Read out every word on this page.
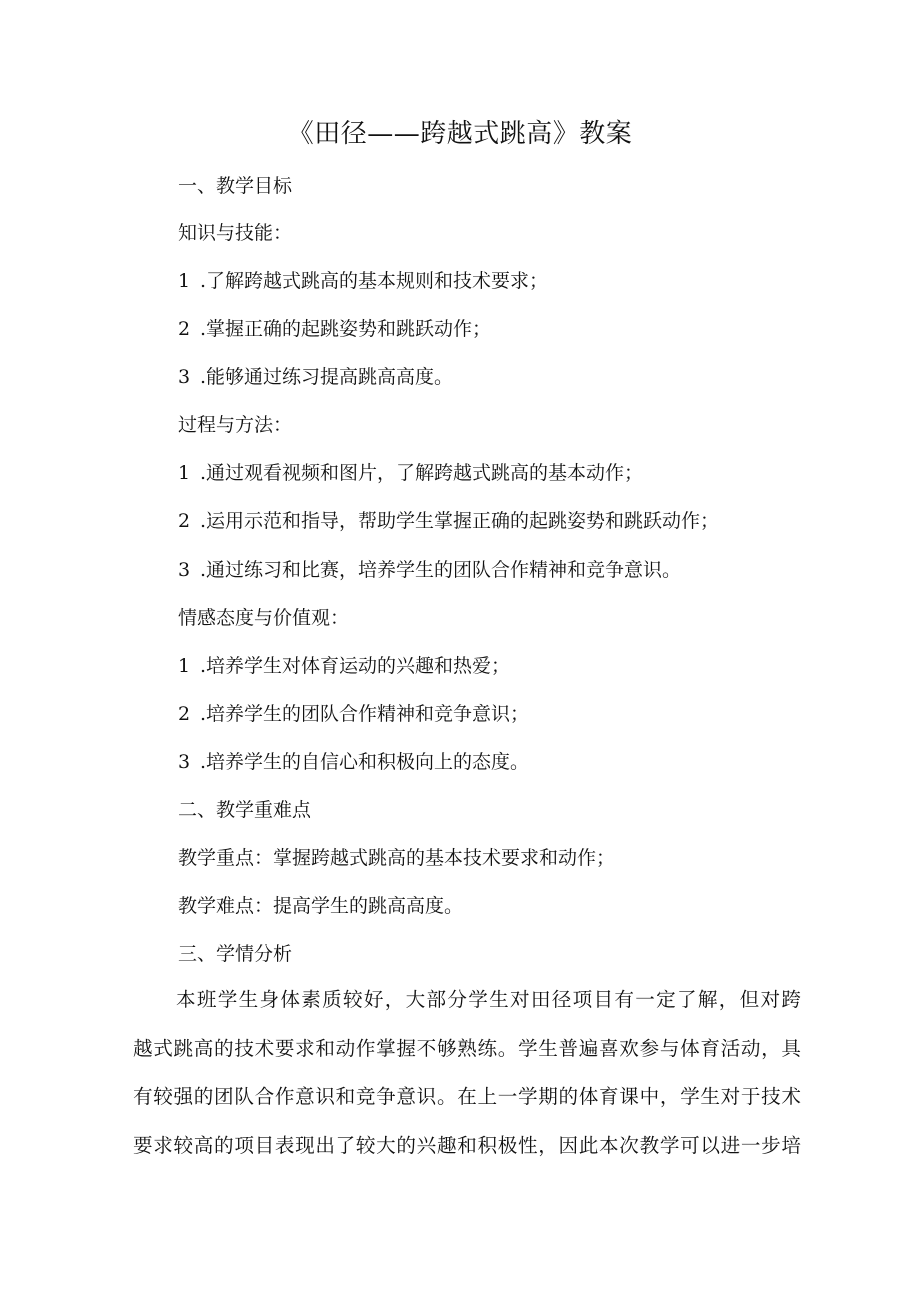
《田径——跨越式跳高》教案
一、教学目标
知识与技能：
1 .了解跨越式跳高的基本规则和技术要求；
2 .掌握正确的起跳姿势和跳跃动作；
3 .能够通过练习提高跳高高度。
过程与方法：
1 .通过观看视频和图片，了解跨越式跳高的基本动作；
2 .运用示范和指导，帮助学生掌握正确的起跳姿势和跳跃动作；
3 .通过练习和比赛，培养学生的团队合作精神和竞争意识。
情感态度与价值观：
1 .培养学生对体育运动的兴趣和热爱；
2 .培养学生的团队合作精神和竞争意识；
3 .培养学生的自信心和积极向上的态度。
二、教学重难点
教学重点：掌握跨越式跳高的基本技术要求和动作；
教学难点：提高学生的跳高高度。
三、学情分析
本班学生身体素质较好，大部分学生对田径项目有一定了解，但对跨
越式跳高的技术要求和动作掌握不够熟练。学生普遍喜欢参与体育活动，具
有较强的团队合作意识和竞争意识。在上一学期的体育课中，学生对于技术
要求较高的项目表现出了较大的兴趣和积极性，因此本次教学可以进一步培
